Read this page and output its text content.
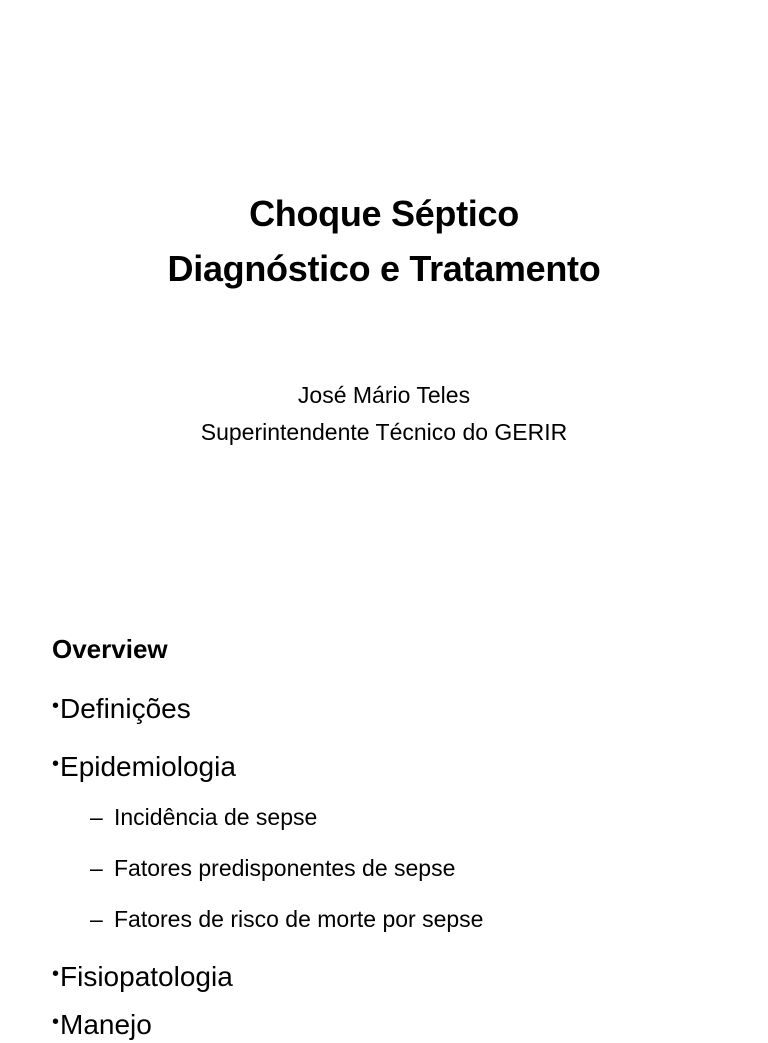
Choque Séptico
Diagnóstico e Tratamento
José Mário Teles
Superintendente Técnico do GERIR
Overview
•Definições
•Epidemiologia
– Incidência de sepse
– Fatores predisponentes de sepse
– Fatores de risco de morte por sepse
•Fisiopatologia
•Manejo
